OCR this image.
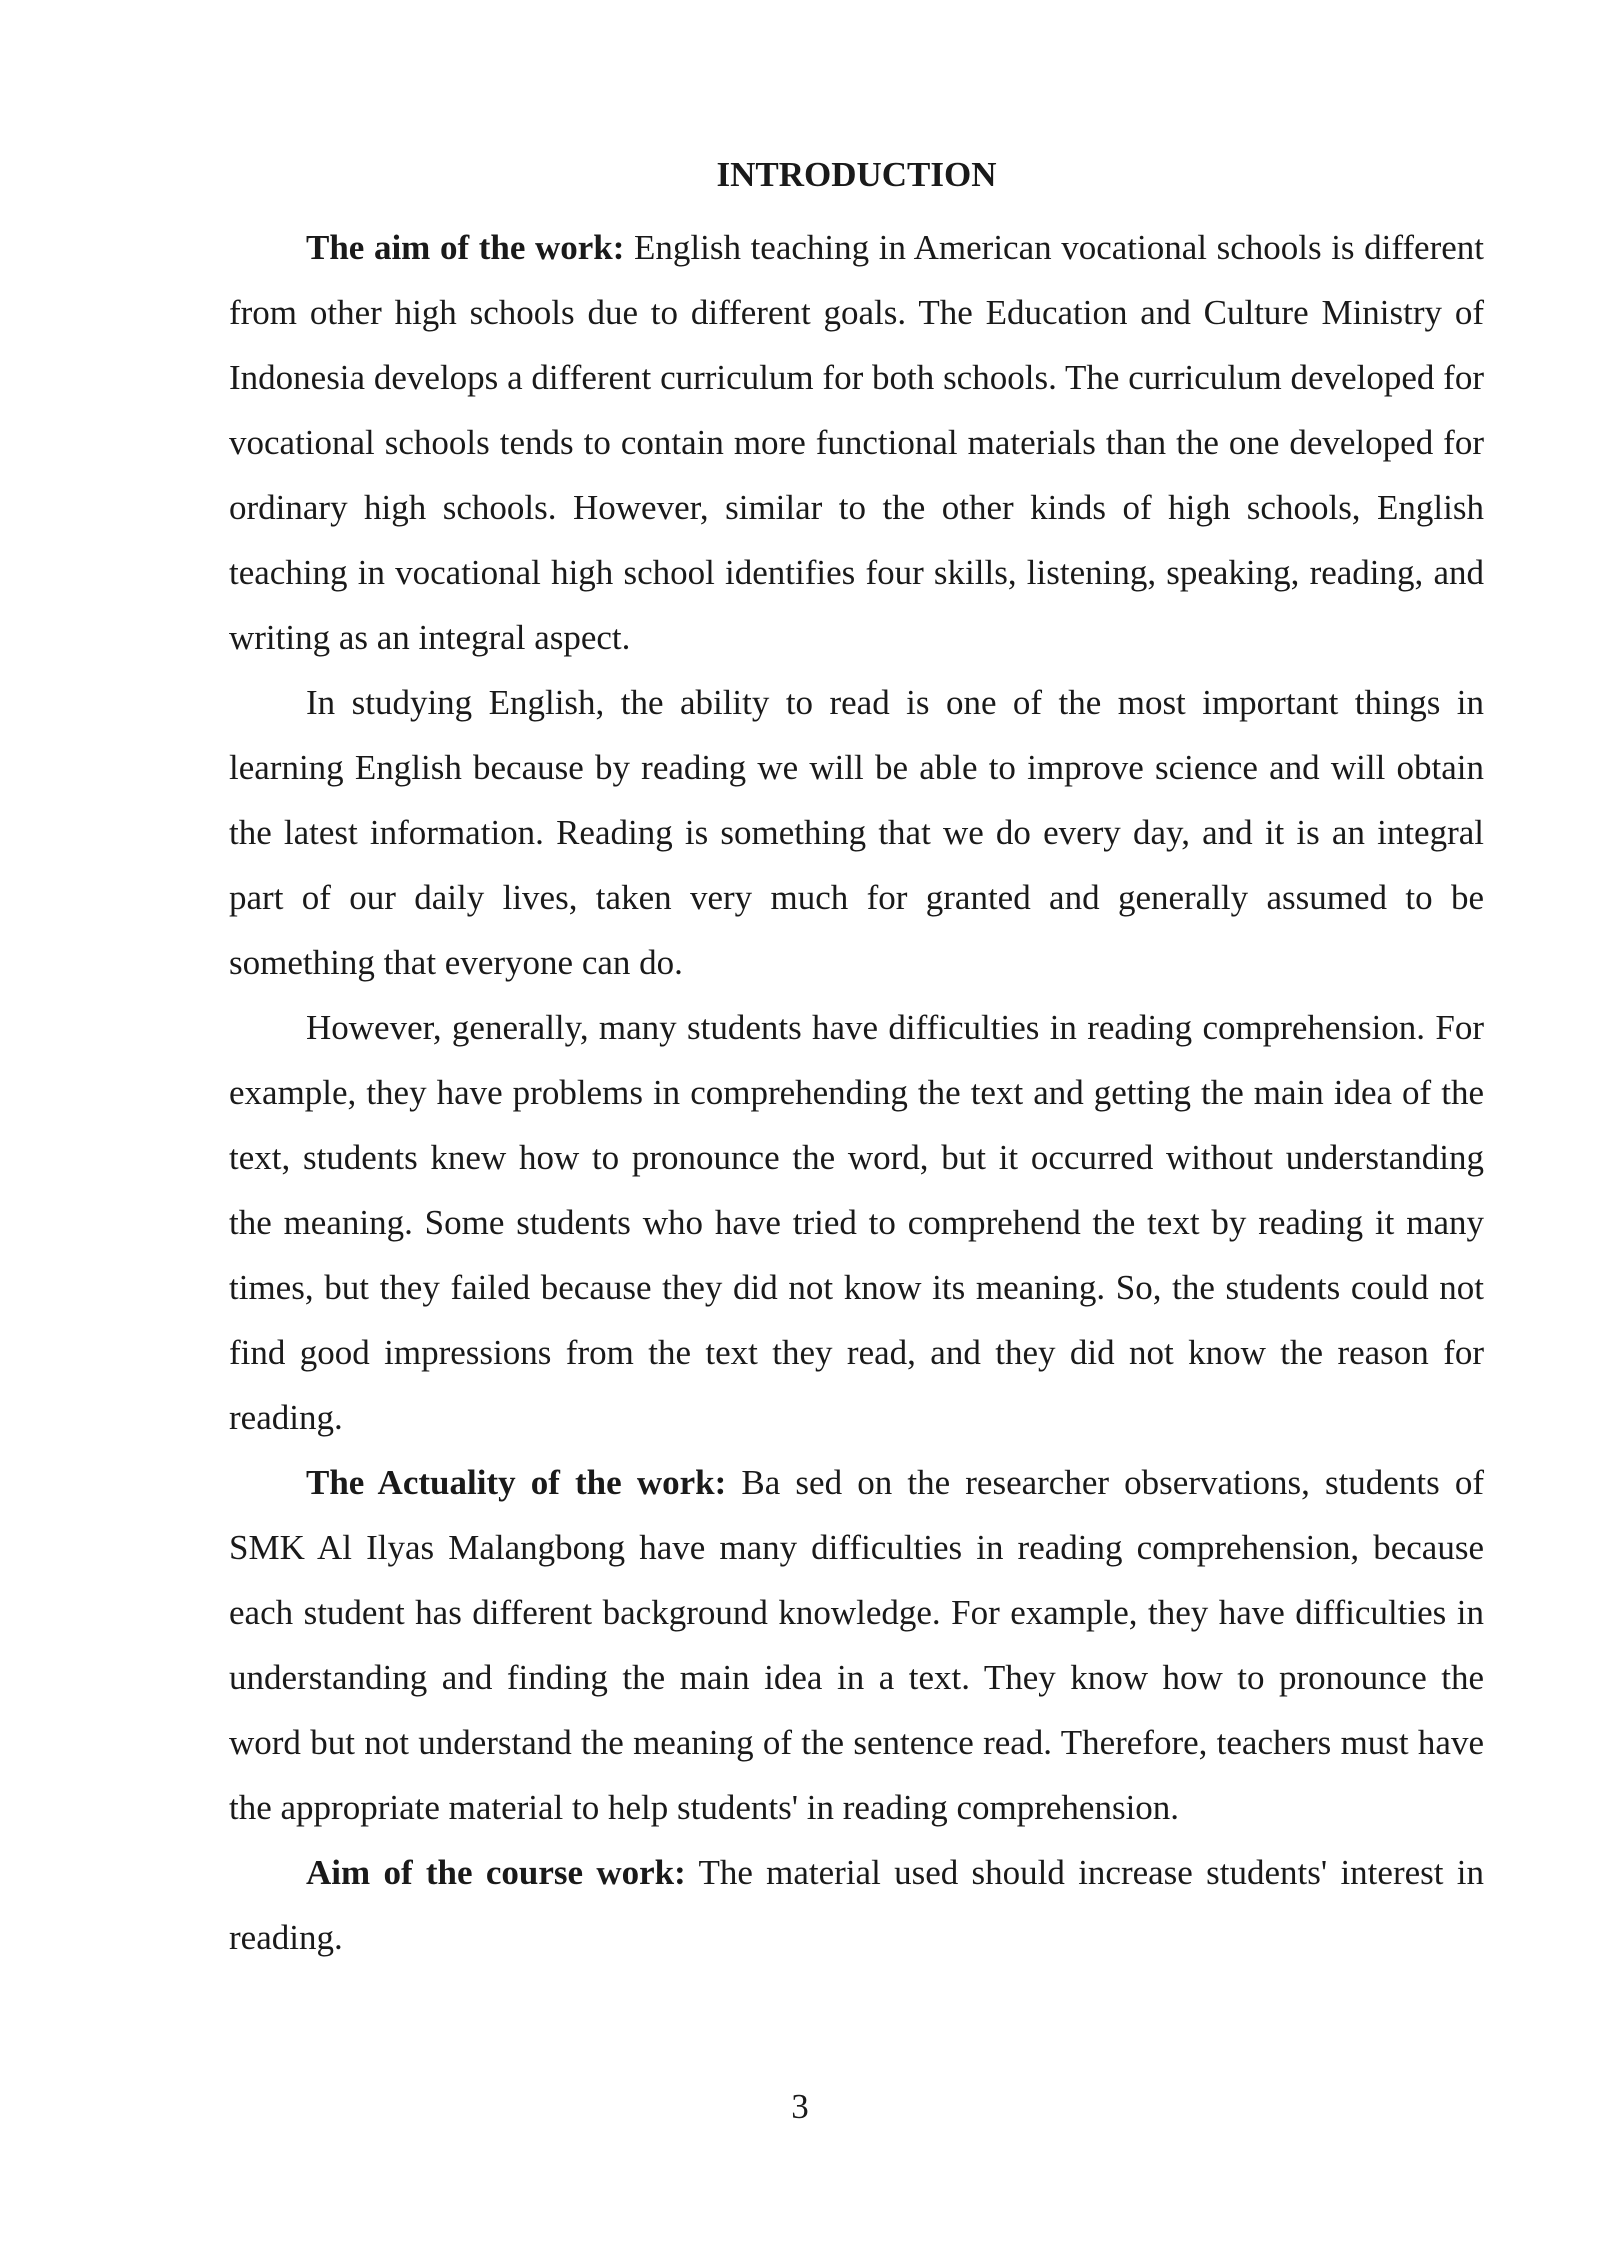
INTRODUCTION

The aim of the work: English teaching in American vocational schools is different from other high schools due to different goals. The Education and Culture Ministry of Indonesia develops a different curriculum for both schools. The curriculum developed for vocational schools tends to contain more functional materials than the one developed for ordinary high schools. However, similar to the other kinds of high schools, English teaching in vocational high school identifies four skills, listening, speaking, reading, and writing as an integral aspect.

In studying English, the ability to read is one of the most important things in learning English because by reading we will be able to improve science and will obtain the latest information. Reading is something that we do every day, and it is an integral part of our daily lives, taken very much for granted and generally assumed to be something that everyone can do.

However, generally, many students have difficulties in reading comprehension. For example, they have problems in comprehending the text and getting the main idea of the text, students knew how to pronounce the word, but it occurred without understanding the meaning. Some students who have tried to comprehend the text by reading it many times, but they failed because they did not know its meaning. So, the students could not find good impressions from the text they read, and they did not know the reason for reading.

The Actuality of the work: Ba sed on the researcher observations, students of SMK Al Ilyas Malangbong have many difficulties in reading comprehension, because each student has different background knowledge. For example, they have difficulties in understanding and finding the main idea in a text. They know how to pronounce the word but not understand the meaning of the sentence read. Therefore, teachers must have the appropriate material to help students' in reading comprehension.

Aim of the course work: The material used should increase students' interest in reading.

3
